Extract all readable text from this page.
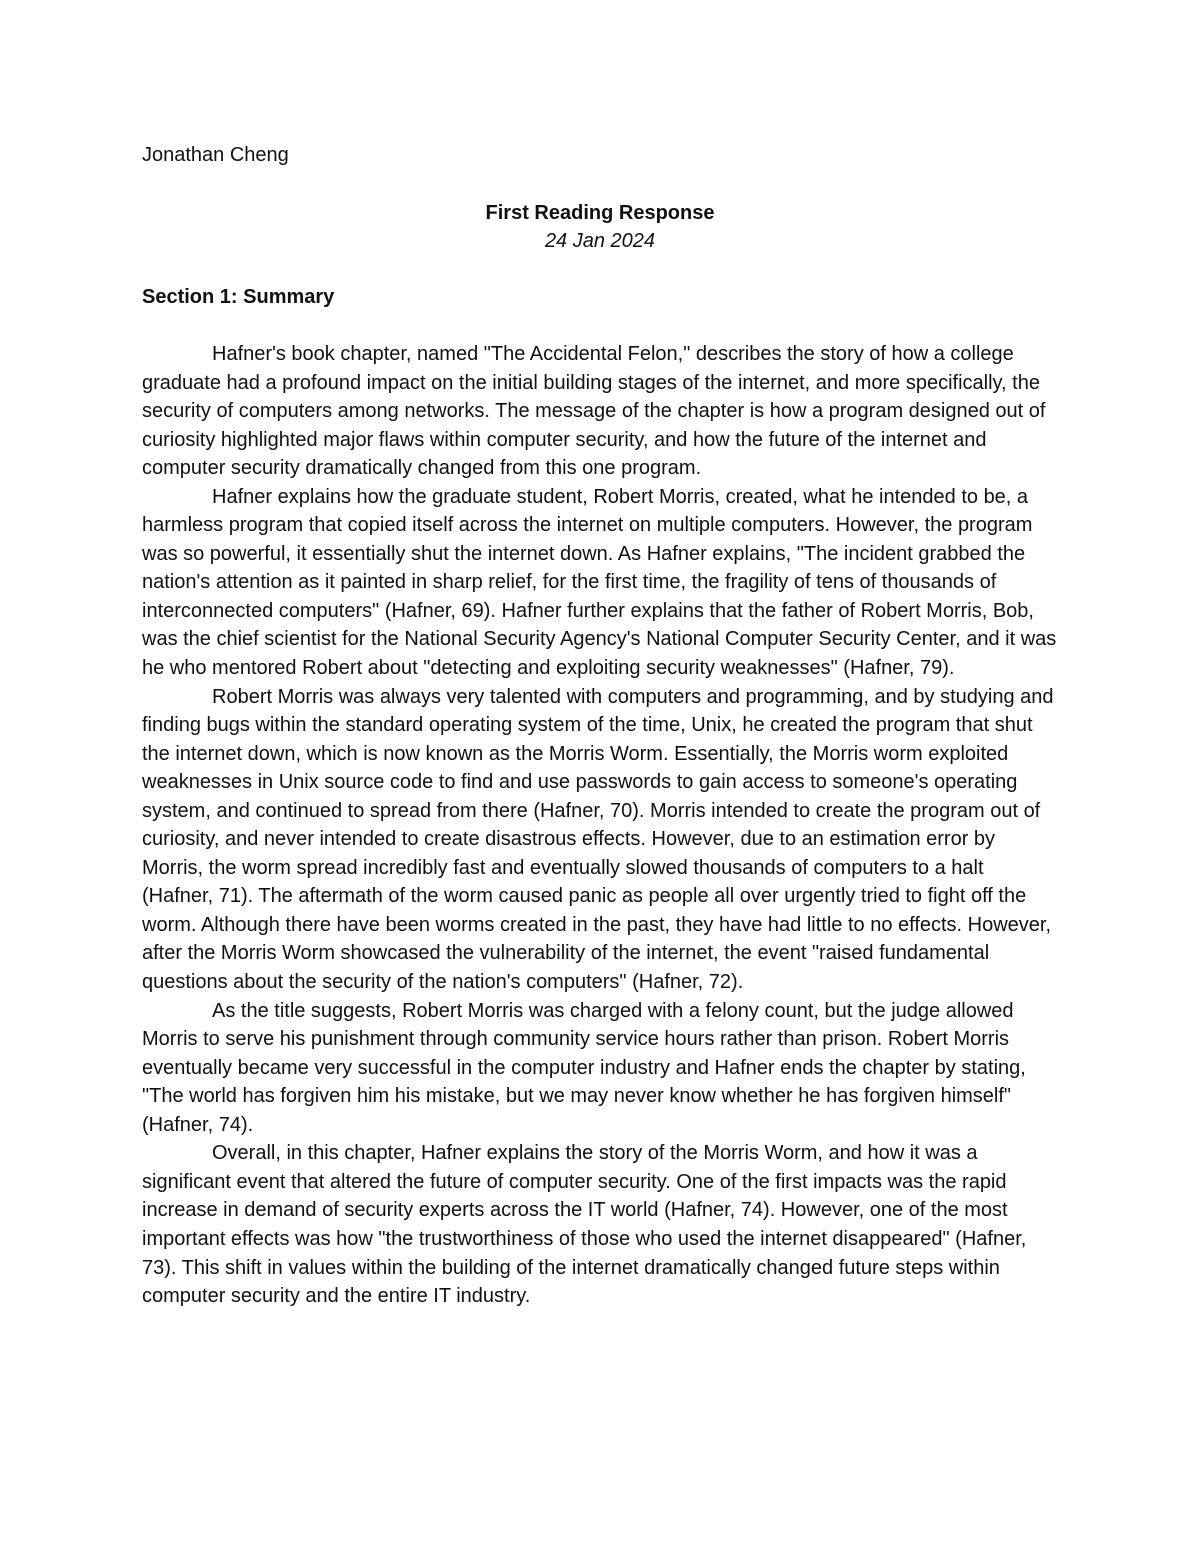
Jonathan Cheng
First Reading Response
24 Jan 2024
Section 1: Summary

Hafner's book chapter, named "The Accidental Felon," describes the story of how a college graduate had a profound impact on the initial building stages of the internet, and more specifically, the security of computers among networks. The message of the chapter is how a program designed out of curiosity highlighted major flaws within computer security, and how the future of the internet and computer security dramatically changed from this one program.

Hafner explains how the graduate student, Robert Morris, created, what he intended to be, a harmless program that copied itself across the internet on multiple computers. However, the program was so powerful, it essentially shut the internet down. As Hafner explains, "The incident grabbed the nation's attention as it painted in sharp relief, for the first time, the fragility of tens of thousands of interconnected computers" (Hafner, 69). Hafner further explains that the father of Robert Morris, Bob, was the chief scientist for the National Security Agency's National Computer Security Center, and it was he who mentored Robert about "detecting and exploiting security weaknesses" (Hafner, 79).

Robert Morris was always very talented with computers and programming, and by studying and finding bugs within the standard operating system of the time, Unix, he created the program that shut the internet down, which is now known as the Morris Worm. Essentially, the Morris worm exploited weaknesses in Unix source code to find and use passwords to gain access to someone's operating system, and continued to spread from there (Hafner, 70). Morris intended to create the program out of curiosity, and never intended to create disastrous effects. However, due to an estimation error by Morris, the worm spread incredibly fast and eventually slowed thousands of computers to a halt (Hafner, 71). The aftermath of the worm caused panic as people all over urgently tried to fight off the worm. Although there have been worms created in the past, they have had little to no effects. However, after the Morris Worm showcased the vulnerability of the internet, the event "raised fundamental questions about the security of the nation's computers" (Hafner, 72).

As the title suggests, Robert Morris was charged with a felony count, but the judge allowed Morris to serve his punishment through community service hours rather than prison. Robert Morris eventually became very successful in the computer industry and Hafner ends the chapter by stating, "The world has forgiven him his mistake, but we may never know whether he has forgiven himself" (Hafner, 74).

Overall, in this chapter, Hafner explains the story of the Morris Worm, and how it was a significant event that altered the future of computer security. One of the first impacts was the rapid increase in demand of security experts across the IT world (Hafner, 74). However, one of the most important effects was how "the trustworthiness of those who used the internet disappeared" (Hafner, 73). This shift in values within the building of the internet dramatically changed future steps within computer security and the entire IT industry.
